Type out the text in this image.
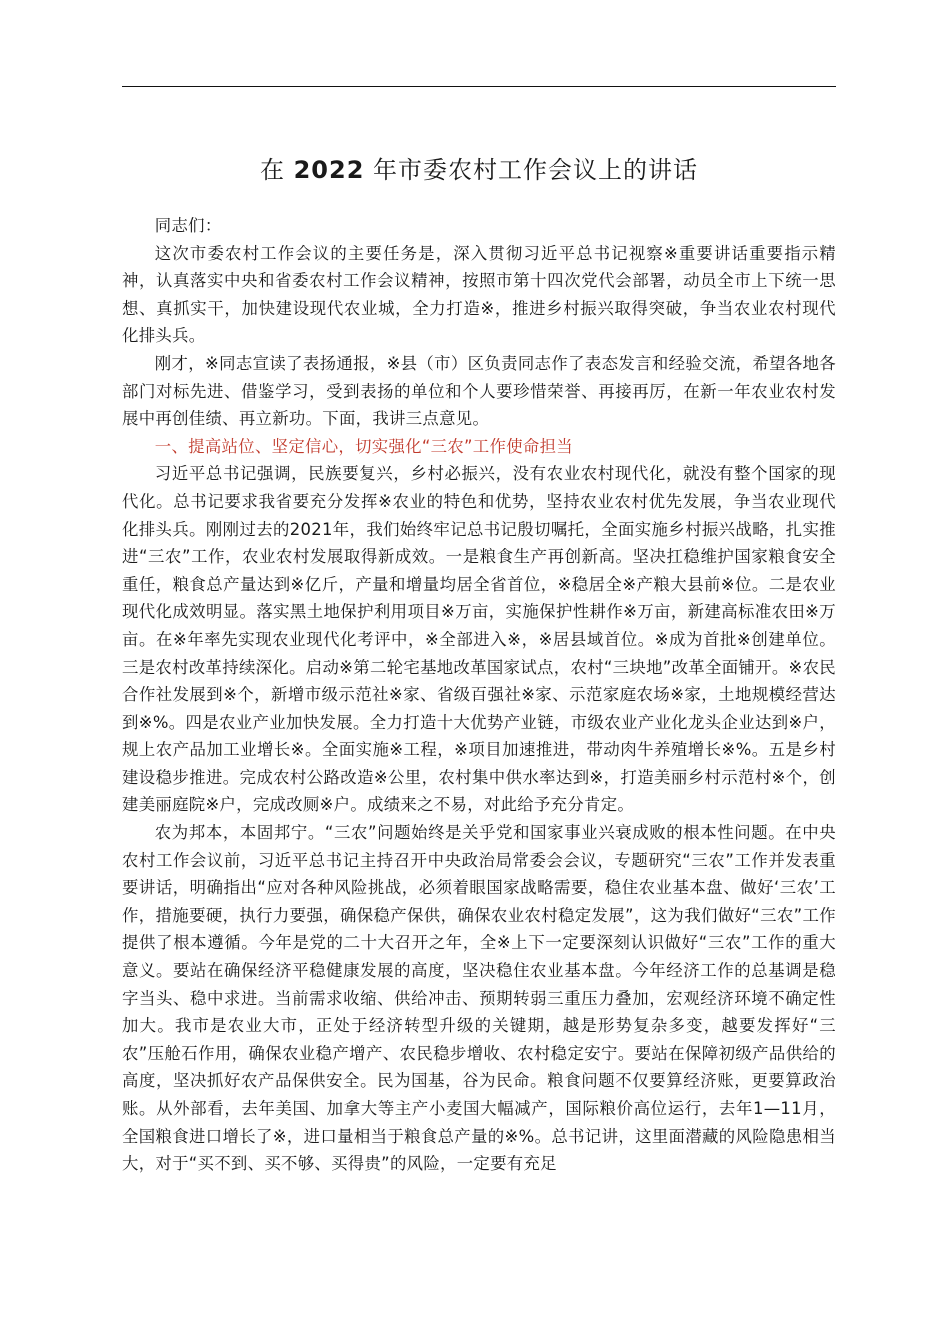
在 2022 年市委农村工作会议上的讲话

同志们：

这次市委农村工作会议的主要任务是，深入贯彻习近平总书记视察※重要讲话重要指示精神，认真落实中央和省委农村工作会议精神，按照市第十四次党代会部署，动员全市上下统一思想、真抓实干，加快建设现代农业城，全力打造※，推进乡村振兴取得突破，争当农业农村现代化排头兵。

刚才，※同志宣读了表扬通报，※县（市）区负责同志作了表态发言和经验交流，希望各地各部门对标先进、借鉴学习，受到表扬的单位和个人要珍惜荣誉、再接再厉，在新一年农业农村发展中再创佳绩、再立新功。下面，我讲三点意见。

一、提高站位、坚定信心，切实强化“三农”工作使命担当

习近平总书记强调，民族要复兴，乡村必振兴，没有农业农村现代化，就没有整个国家的现代化。总书记要求我省要充分发挥※农业的特色和优势，坚持农业农村优先发展，争当农业现代化排头兵。刚刚过去的2021年，我们始终牢记总书记殷切嘱托，全面实施乡村振兴战略，扎实推进“三农”工作，农业农村发展取得新成效。一是粮食生产再创新高。坚决扛稳维护国家粮食安全重任，粮食总产量达到※亿斤，产量和增量均居全省首位，※稳居全※产粮大县前※位。二是农业现代化成效明显。落实黑土地保护利用项目※万亩，实施保护性耕作※万亩，新建高标准农田※万亩。在※年率先实现农业现代化考评中，※全部进入※，※居县域首位。※成为首批※创建单位。三是农村改革持续深化。启动※第二轮宅基地改革国家试点，农村“三块地”改革全面铺开。※农民合作社发展到※个，新增市级示范社※家、省级百强社※家、示范家庭农场※家，土地规模经营达到※%。四是农业产业加快发展。全力打造十大优势产业链，市级农业产业化龙头企业达到※户，规上农产品加工业增长※。全面实施※工程，※项目加速推进，带动肉牛养殖增长※%。五是乡村建设稳步推进。完成农村公路改造※公里，农村集中供水率达到※，打造美丽乡村示范村※个，创建美丽庭院※户，完成改厕※户。成绩来之不易，对此给予充分肯定。

农为邦本，本固邦宁。“三农”问题始终是关乎党和国家事业兴衰成败的根本性问题。在中央农村工作会议前，习近平总书记主持召开中央政治局常委会会议，专题研究“三农”工作并发表重要讲话，明确指出“应对各种风险挑战，必须着眼国家战略需要，稳住农业基本盘、做好‘三农’工作，措施要硬，执行力要强，确保稳产保供，确保农业农村稳定发展”，这为我们做好“三农”工作提供了根本遵循。今年是党的二十大召开之年，全※上下一定要深刻认识做好“三农”工作的重大意义。要站在确保经济平稳健康发展的高度，坚决稳住农业基本盘。今年经济工作的总基调是稳字当头、稳中求进。当前需求收缩、供给冲击、预期转弱三重压力叠加，宏观经济环境不确定性加大。我市是农业大市，正处于经济转型升级的关键期，越是形势复杂多变，越要发挥好“三农”压舱石作用，确保农业稳产增产、农民稳步增收、农村稳定安宁。要站在保障初级产品供给的高度，坚决抓好农产品保供安全。民为国基，谷为民命。粮食问题不仅要算经济账，更要算政治账。从外部看，去年美国、加拿大等主产小麦国大幅减产，国际粮价高位运行，去年1—11月，全国粮食进口增长了※，进口量相当于粮食总产量的※%。总书记讲，这里面潜藏的风险隐患相当大，对于“买不到、买不够、买得贵”的风险，一定要有充足
